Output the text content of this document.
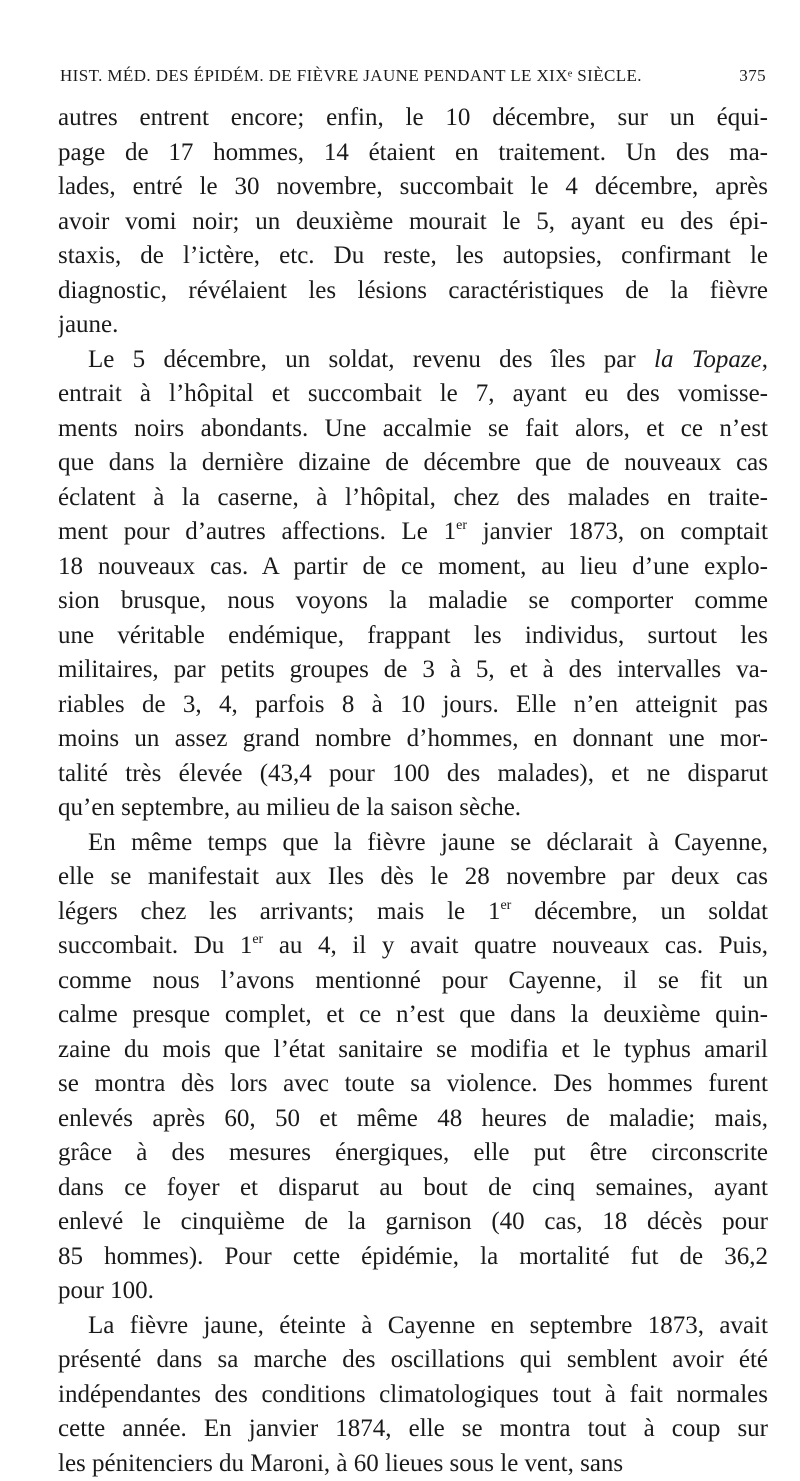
HIST. MÉD. DES ÉPIDÉM. DE FIÈVRE JAUNE PENDANT LE XIXᵉ SIÈCLE.	375

autres entrent encore; enfin, le 10 décembre, sur un équi-
page de 17 hommes, 14 étaient en traitement. Un des ma-
lades, entré le 30 novembre, succombait le 4 décembre, après
avoir vomi noir; un deuxième mourait le 5, ayant eu des épi-
staxis, de l’ictère, etc. Du reste, les autopsies, confirmant le
diagnostic, révélaient les lésions caractéristiques de la fièvre
jaune.

Le 5 décembre, un soldat, revenu des îles par la Topaze,
entrait à l’hôpital et succombait le 7, ayant eu des vomisse-
ments noirs abondants. Une accalmie se fait alors, et ce n’est
que dans la dernière dizaine de décembre que de nouveaux cas
éclatent à la caserne, à l’hôpital, chez des malades en traite-
ment pour d’autres affections. Le 1er janvier 1873, on comptait
18 nouveaux cas. A partir de ce moment, au lieu d’une explo-
sion brusque, nous voyons la maladie se comporter comme
une véritable endémique, frappant les individus, surtout les
militaires, par petits groupes de 3 à 5, et à des intervalles va-
riables de 3, 4, parfois 8 à 10 jours. Elle n’en atteignit pas
moins un assez grand nombre d’hommes, en donnant une mor-
talité très élevée (43,4 pour 100 des malades), et ne disparut
qu’en septembre, au milieu de la saison sèche.

En même temps que la fièvre jaune se déclarait à Cayenne,
elle se manifestait aux Iles dès le 28 novembre par deux cas
légers chez les arrivants; mais le 1er décembre, un soldat
succombait. Du 1er au 4, il y avait quatre nouveaux cas. Puis,
comme nous l’avons mentionné pour Cayenne, il se fit un
calme presque complet, et ce n’est que dans la deuxième quin-
zaine du mois que l’état sanitaire se modifia et le typhus amaril
se montra dès lors avec toute sa violence. Des hommes furent
enlevés après 60, 50 et même 48 heures de maladie; mais,
grâce à des mesures énergiques, elle put être circonscrite
dans ce foyer et disparut au bout de cinq semaines, ayant
enlevé le cinquième de la garnison (40 cas, 18 décès pour
85 hommes). Pour cette épidémie, la mortalité fut de 36,2
pour 100.

La fièvre jaune, éteinte à Cayenne en septembre 1873, avait
présenté dans sa marche des oscillations qui semblent avoir été
indépendantes des conditions climatologiques tout à fait normales
cette année. En janvier 1874, elle se montra tout à coup sur
les pénitenciers du Maroni, à 60 lieues sous le vent, sans
